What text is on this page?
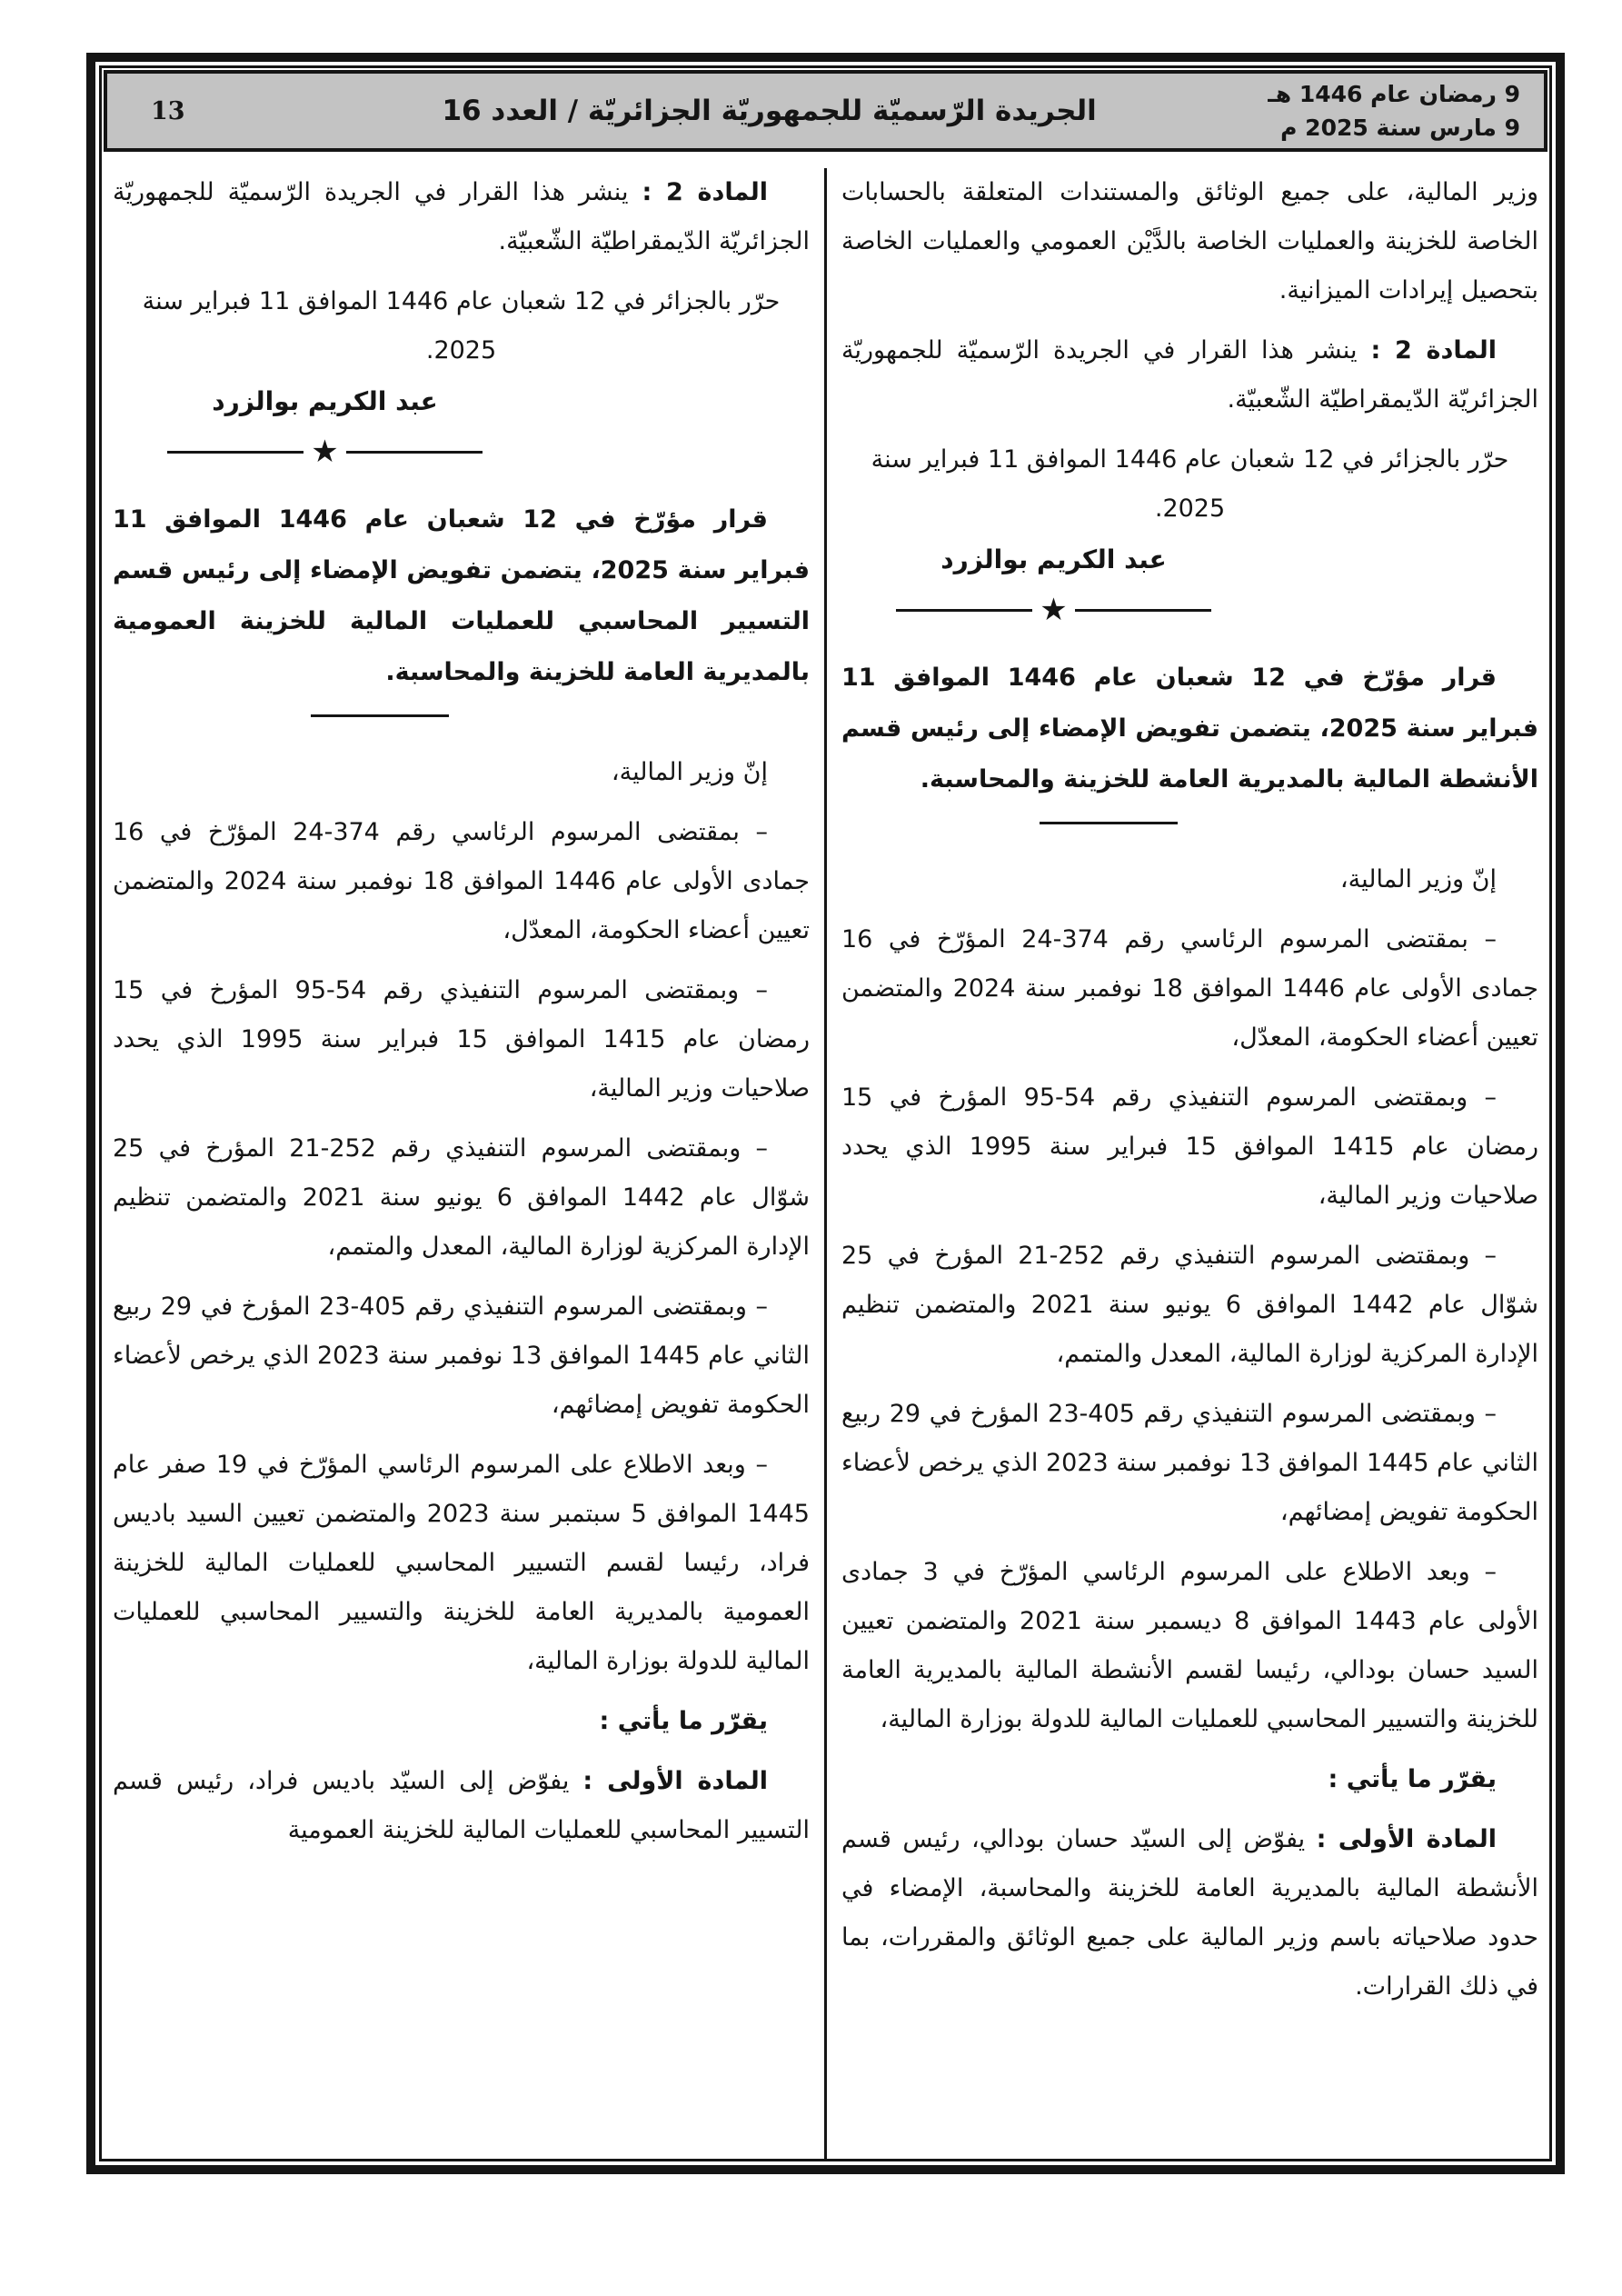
9 رمضان عام 1446 هـ
9 مارس سنة 2025 م
الجريدة الرّسميّة للجمهوريّة الجزائريّة / العدد 16
13

وزير المالية، على جميع الوثائق والمستندات المتعلقة بالحسابات الخاصة للخزينة والعمليات الخاصة بالدَّيْن العمومي والعمليات الخاصة بتحصيل إيرادات الميزانية.

المادة 2 : ينشر هذا القرار في الجريدة الرّسميّة للجمهوريّة الجزائريّة الدّيمقراطيّة الشّعبيّة.

حرّر بالجزائر في 12 شعبان عام 1446 الموافق 11 فبراير سنة 2025.

عبد الكريم بوالزرد
★

قرار مؤرّخ في 12 شعبان عام 1446 الموافق 11 فبراير سنة 2025، يتضمن تفويض الإمضاء إلى رئيس قسم الأنشطة المالية بالمديرية العامة للخزينة والمحاسبة.

إنّ وزير المالية،

– بمقتضى المرسوم الرئاسي رقم 374-24 المؤرّخ في 16 جمادى الأولى عام 1446 الموافق 18 نوفمبر سنة 2024 والمتضمن تعيين أعضاء الحكومة، المعدّل،

– وبمقتضى المرسوم التنفيذي رقم 54-95 المؤرخ في 15 رمضان عام 1415 الموافق 15 فبراير سنة 1995 الذي يحدد صلاحيات وزير المالية،

– وبمقتضى المرسوم التنفيذي رقم 252-21 المؤرخ في 25 شوّال عام 1442 الموافق 6 يونيو سنة 2021 والمتضمن تنظيم الإدارة المركزية لوزارة المالية، المعدل والمتمم،

– وبمقتضى المرسوم التنفيذي رقم 405-23 المؤرخ في 29 ربيع الثاني عام 1445 الموافق 13 نوفمبر سنة 2023 الذي يرخص لأعضاء الحكومة تفويض إمضائهم،

– وبعد الاطلاع على المرسوم الرئاسي المؤرّخ في 3 جمادى الأولى عام 1443 الموافق 8 ديسمبر سنة 2021 والمتضمن تعيين السيد حسان بودالي، رئيسا لقسم الأنشطة المالية بالمديرية العامة للخزينة والتسيير المحاسبي للعمليات المالية للدولة بوزارة المالية،

يقرّر ما يأتي :

المادة الأولى : يفوّض إلى السيّد حسان بودالي، رئيس قسم الأنشطة المالية بالمديرية العامة للخزينة والمحاسبة، الإمضاء في حدود صلاحياته باسم وزير المالية على جميع الوثائق والمقررات، بما في ذلك القرارات.

المادة 2 : ينشر هذا القرار في الجريدة الرّسميّة للجمهوريّة الجزائريّة الدّيمقراطيّة الشّعبيّة.

حرّر بالجزائر في 12 شعبان عام 1446 الموافق 11 فبراير سنة 2025.

عبد الكريم بوالزرد
★

قرار مؤرّخ في 12 شعبان عام 1446 الموافق 11 فبراير سنة 2025، يتضمن تفويض الإمضاء إلى رئيس قسم التسيير المحاسبي للعمليات المالية للخزينة العمومية بالمديرية العامة للخزينة والمحاسبة.

إنّ وزير المالية،

– بمقتضى المرسوم الرئاسي رقم 374-24 المؤرّخ في 16 جمادى الأولى عام 1446 الموافق 18 نوفمبر سنة 2024 والمتضمن تعيين أعضاء الحكومة، المعدّل،

– وبمقتضى المرسوم التنفيذي رقم 54-95 المؤرخ في 15 رمضان عام 1415 الموافق 15 فبراير سنة 1995 الذي يحدد صلاحيات وزير المالية،

– وبمقتضى المرسوم التنفيذي رقم 252-21 المؤرخ في 25 شوّال عام 1442 الموافق 6 يونيو سنة 2021 والمتضمن تنظيم الإدارة المركزية لوزارة المالية، المعدل والمتمم،

– وبمقتضى المرسوم التنفيذي رقم 405-23 المؤرخ في 29 ربيع الثاني عام 1445 الموافق 13 نوفمبر سنة 2023 الذي يرخص لأعضاء الحكومة تفويض إمضائهم،

– وبعد الاطلاع على المرسوم الرئاسي المؤرّخ في 19 صفر عام 1445 الموافق 5 سبتمبر سنة 2023 والمتضمن تعيين السيد باديس فراد، رئيسا لقسم التسيير المحاسبي للعمليات المالية للخزينة العمومية بالمديرية العامة للخزينة والتسيير المحاسبي للعمليات المالية للدولة بوزارة المالية،

يقرّر ما يأتي :

المادة الأولى : يفوّض إلى السيّد باديس فراد، رئيس قسم التسيير المحاسبي للعمليات المالية للخزينة العمومية
